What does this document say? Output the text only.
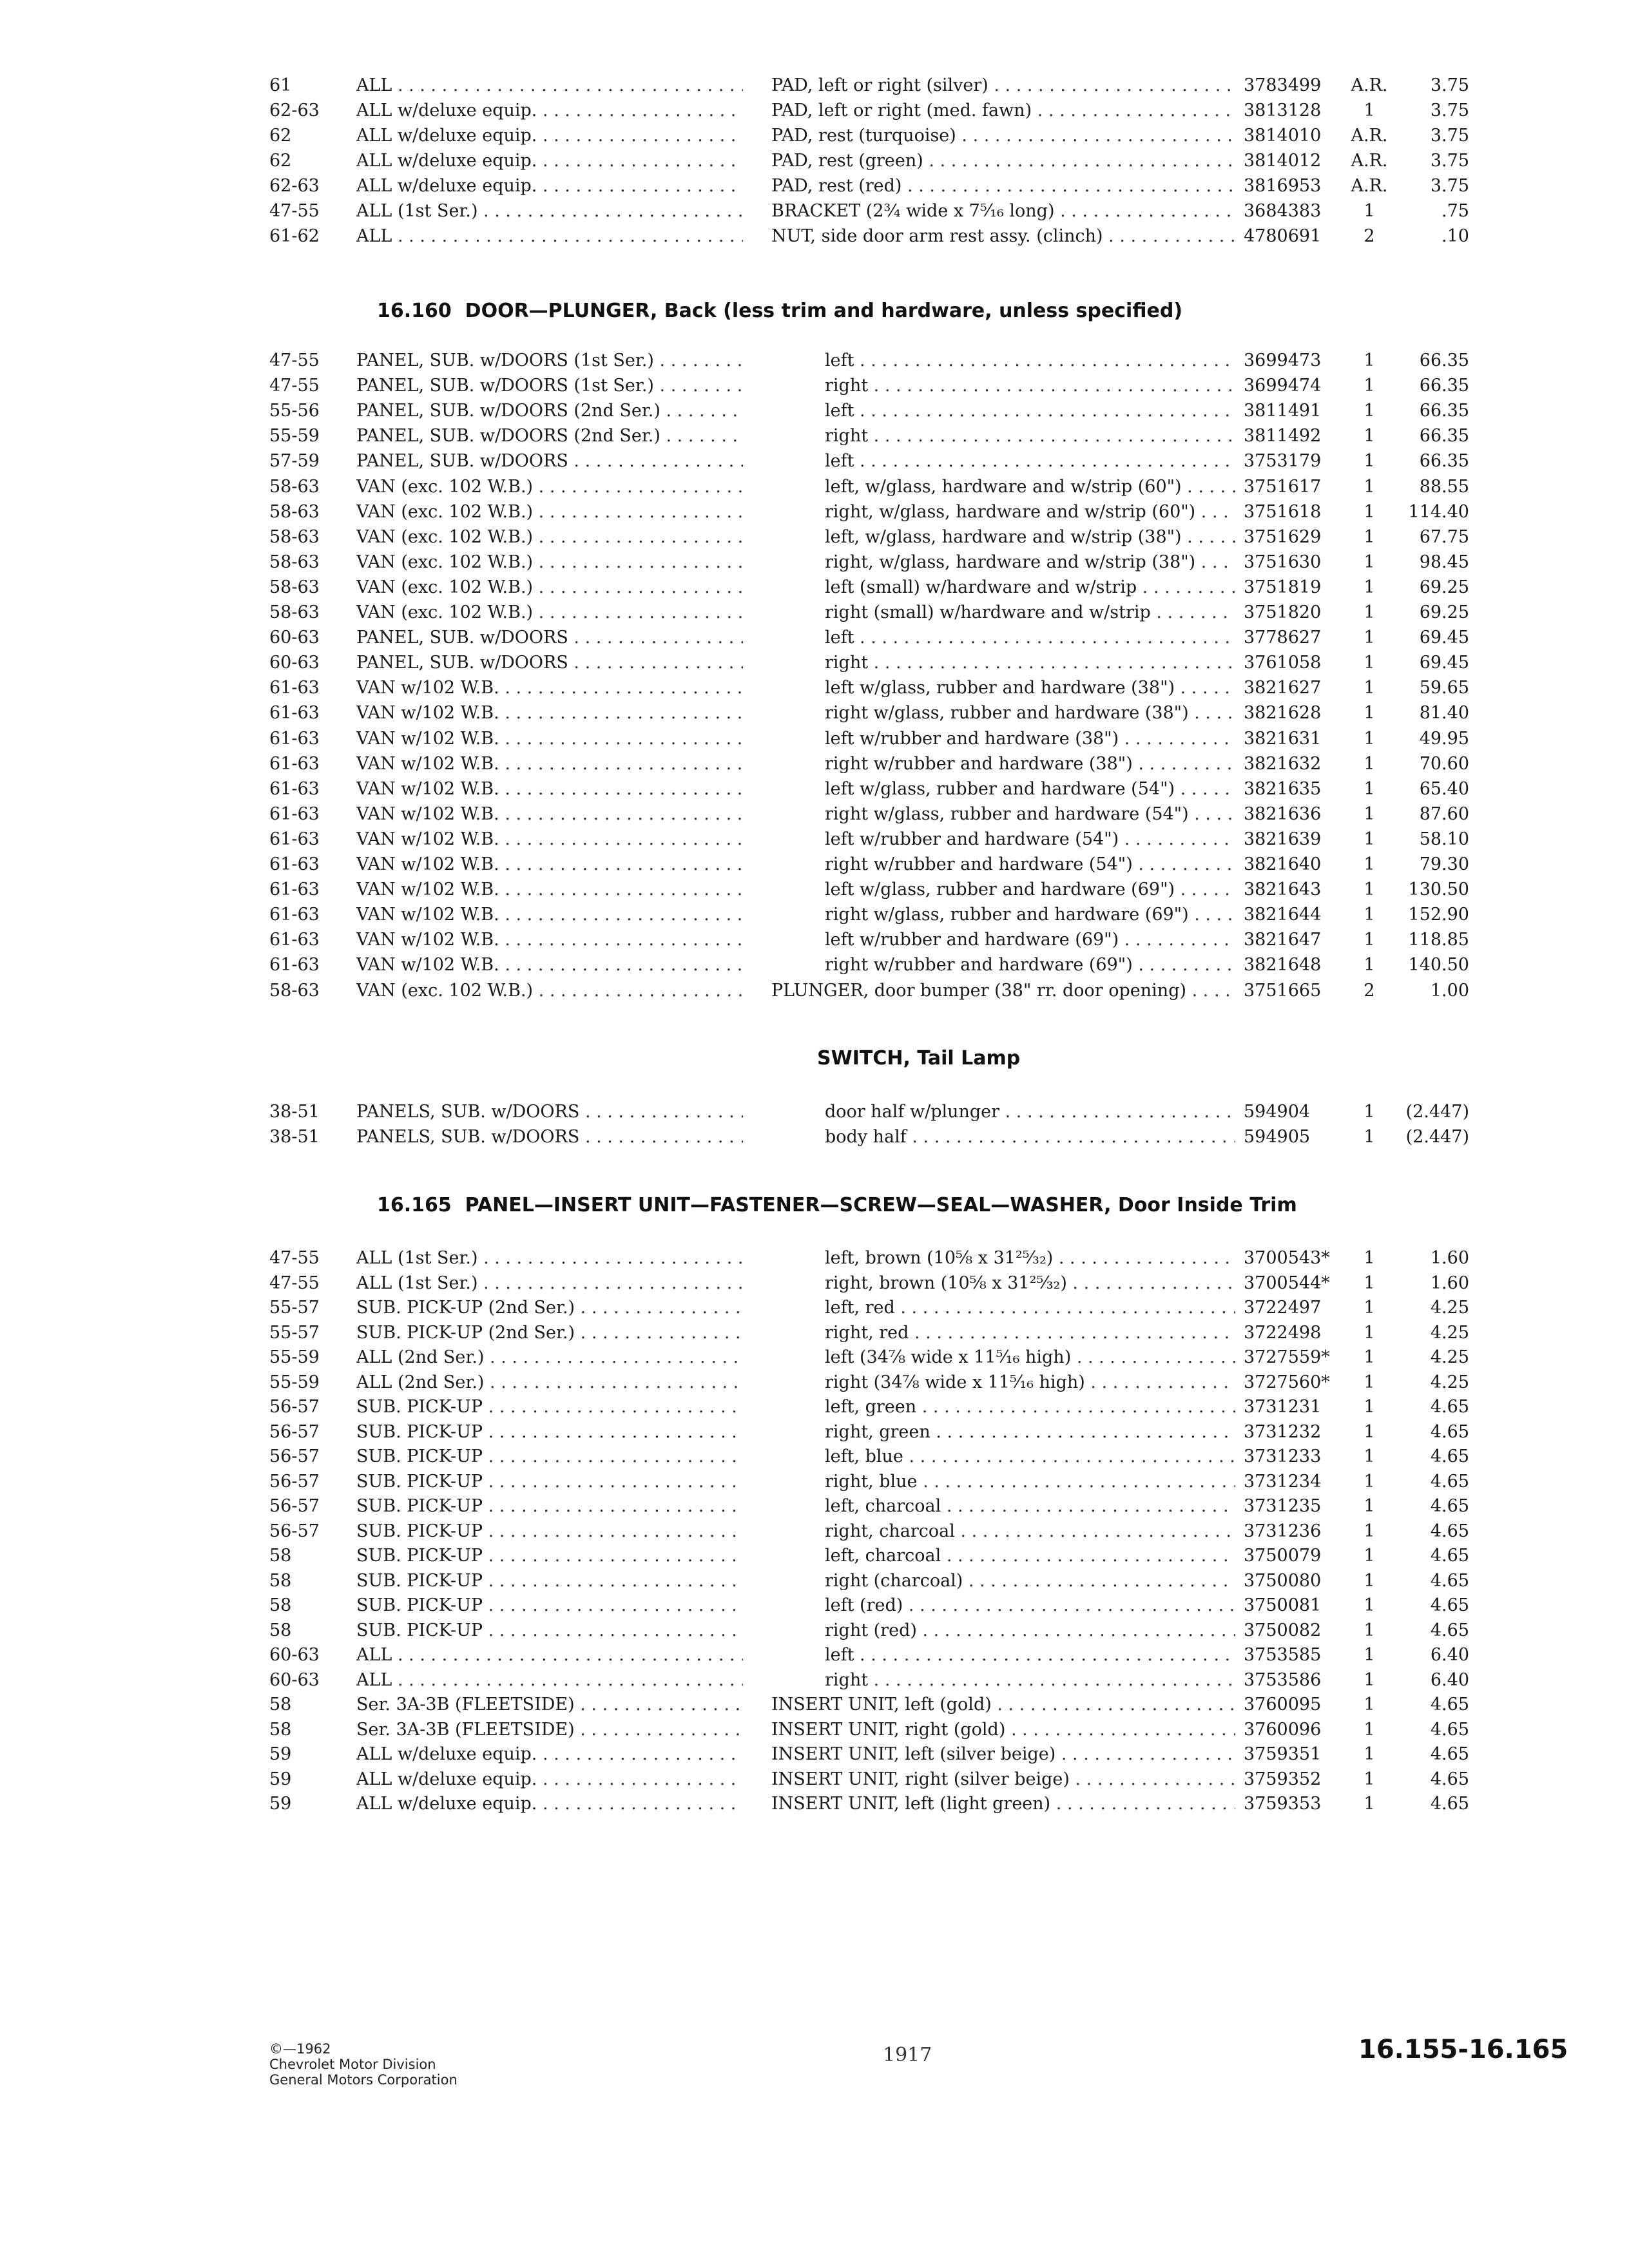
61	ALL . . .	PAD, left or right (silver) . . .	3783499	A.R.	3.75
62-63 ALL w/deluxe equip. . . .	PAD, left or right (med. fawn) . . .	3813128	1	3.75
62	ALL w/deluxe equip. . . .	PAD, rest (turquoise) . . .	3814010	A.R.	3.75
62	ALL w/deluxe equip. . . .	PAD, rest (green) . . .	3814012	A.R.	3.75
62-63 ALL w/deluxe equip. . . .	PAD, rest (red) . . .	3816953	A.R.	3.75
47-55 ALL (1st Ser.) . . .	BRACKET (2¾ wide x 7⁵⁄₁₆ long) . . .	3684383	1	.75
61-62 ALL . . .	NUT, side door arm rest assy. (clinch) . . .	4780691	2	.10
16.160 DOOR—PLUNGER, Back (less trim and hardware, unless specified)
47-55 PANEL, SUB. w/DOORS (1st Ser.) . . .	left . . .	3699473	1	66.35
47-55 PANEL, SUB. w/DOORS (1st Ser.) . . .	right . . .	3699474	1	66.35
55-56 PANEL, SUB. w/DOORS (2nd Ser.) . . .	left . . .	3811491	1	66.35
55-59 PANEL, SUB. w/DOORS (2nd Ser.) . . .	right . . .	3811492	1	66.35
57-59 PANEL, SUB. w/DOORS . . .	left . . .	3753179	1	66.35
58-63 VAN (exc. 102 W.B.) . . .	left, w/glass, hardware and w/strip (60") . . .	3751617	1	88.55
58-63 VAN (exc. 102 W.B.) . . .	right, w/glass, hardware and w/strip (60") . . .	3751618	1	114.40
58-63 VAN (exc. 102 W.B.) . . .	left, w/glass, hardware and w/strip (38") . . .	3751629	1	67.75
58-63 VAN (exc. 102 W.B.) . . .	right, w/glass, hardware and w/strip (38") . . .	3751630	1	98.45
58-63 VAN (exc. 102 W.B.) . . .	left (small) w/hardware and w/strip . . .	3751819	1	69.25
58-63 VAN (exc. 102 W.B.) . . .	right (small) w/hardware and w/strip . . .	3751820	1	69.25
60-63 PANEL, SUB. w/DOORS . . .	left . . .	3778627	1	69.45
60-63 PANEL, SUB. w/DOORS . . .	right . . .	3761058	1	69.45
61-63 VAN w/102 W.B. . . .	left w/glass, rubber and hardware (38") . . .	3821627	1	59.65
61-63 VAN w/102 W.B. . . .	right w/glass, rubber and hardware (38") . . .	3821628	1	81.40
61-63 VAN w/102 W.B. . . .	left w/rubber and hardware (38") . . .	3821631	1	49.95
61-63 VAN w/102 W.B. . . .	right w/rubber and hardware (38") . . .	3821632	1	70.60
61-63 VAN w/102 W.B. . . .	left w/glass, rubber and hardware (54") . . .	3821635	1	65.40
61-63 VAN w/102 W.B. . . .	right w/glass, rubber and hardware (54") . . .	3821636	1	87.60
61-63 VAN w/102 W.B. . . .	left w/rubber and hardware (54") . . .	3821639	1	58.10
61-63 VAN w/102 W.B. . . .	right w/rubber and hardware (54") . . .	3821640	1	79.30
61-63 VAN w/102 W.B. . . .	left w/glass, rubber and hardware (69") . . .	3821643	1	130.50
61-63 VAN w/102 W.B. . . .	right w/glass, rubber and hardware (69") . . .	3821644	1	152.90
61-63 VAN w/102 W.B. . . .	left w/rubber and hardware (69") . . .	3821647	1	118.85
61-63 VAN w/102 W.B. . . .	right w/rubber and hardware (69") . . .	3821648	1	140.50
58-63 VAN (exc. 102 W.B.) . . .	PLUNGER, door bumper (38" rr. door opening) . . .	3751665	2	1.00
SWITCH, Tail Lamp
38-51 PANELS, SUB. w/DOORS . . .	door half w/plunger . . .	594904	1	(2.447)
38-51 PANELS, SUB. w/DOORS . . .	body half . . .	594905	1	(2.447)
16.165 PANEL—INSERT UNIT—FASTENER—SCREW—SEAL—WASHER, Door Inside Trim
47-55 ALL (1st Ser.) . . .	left, brown (10⅝ x 31²⁵⁄₃₂) . . .	3700543*	1	1.60
47-55 ALL (1st Ser.) . . .	right, brown (10⅝ x 31²⁵⁄₃₂) . . .	3700544*	1	1.60
55-57 SUB. PICK-UP (2nd Ser.) . . .	left, red . . .	3722497	1	4.25
55-57 SUB. PICK-UP (2nd Ser.) . . .	right, red . . .	3722498	1	4.25
55-59 ALL (2nd Ser.) . . .	left (34⅞ wide x 11⁵⁄₁₆ high) . . .	3727559*	1	4.25
55-59 ALL (2nd Ser.) . . .	right (34⅞ wide x 11⁵⁄₁₆ high) . . .	3727560*	1	4.25
56-57 SUB. PICK-UP . . .	left, green . . .	3731231	1	4.65
56-57 SUB. PICK-UP . . .	right, green . . .	3731232	1	4.65
56-57 SUB. PICK-UP . . .	left, blue . . .	3731233	1	4.65
56-57 SUB. PICK-UP . . .	right, blue . . .	3731234	1	4.65
56-57 SUB. PICK-UP . . .	left, charcoal . . .	3731235	1	4.65
56-57 SUB. PICK-UP . . .	right, charcoal . . .	3731236	1	4.65
58	SUB. PICK-UP . . .	left, charcoal . . .	3750079	1	4.65
58	SUB. PICK-UP . . .	right (charcoal) . . .	3750080	1	4.65
58	SUB. PICK-UP . . .	left (red) . . .	3750081	1	4.65
58	SUB. PICK-UP . . .	right (red) . . .	3750082	1	4.65
60-63 ALL . . .	left . . .	3753585	1	6.40
60-63 ALL . . .	right . . .	3753586	1	6.40
58	Ser. 3A-3B (FLEETSIDE) . . .	INSERT UNIT, left (gold) . . .	3760095	1	4.65
58	Ser. 3A-3B (FLEETSIDE) . . .	INSERT UNIT, right (gold) . . .	3760096	1	4.65
59	ALL w/deluxe equip. . . .	INSERT UNIT, left (silver beige) . . .	3759351	1	4.65
59	ALL w/deluxe equip. . . .	INSERT UNIT, right (silver beige) . . .	3759352	1	4.65
59	ALL w/deluxe equip. . . .	INSERT UNIT, left (light green) . . .	3759353	1	4.65
©—1962
Chevrolet Motor Division
General Motors Corporation
1917	16.155-16.165
